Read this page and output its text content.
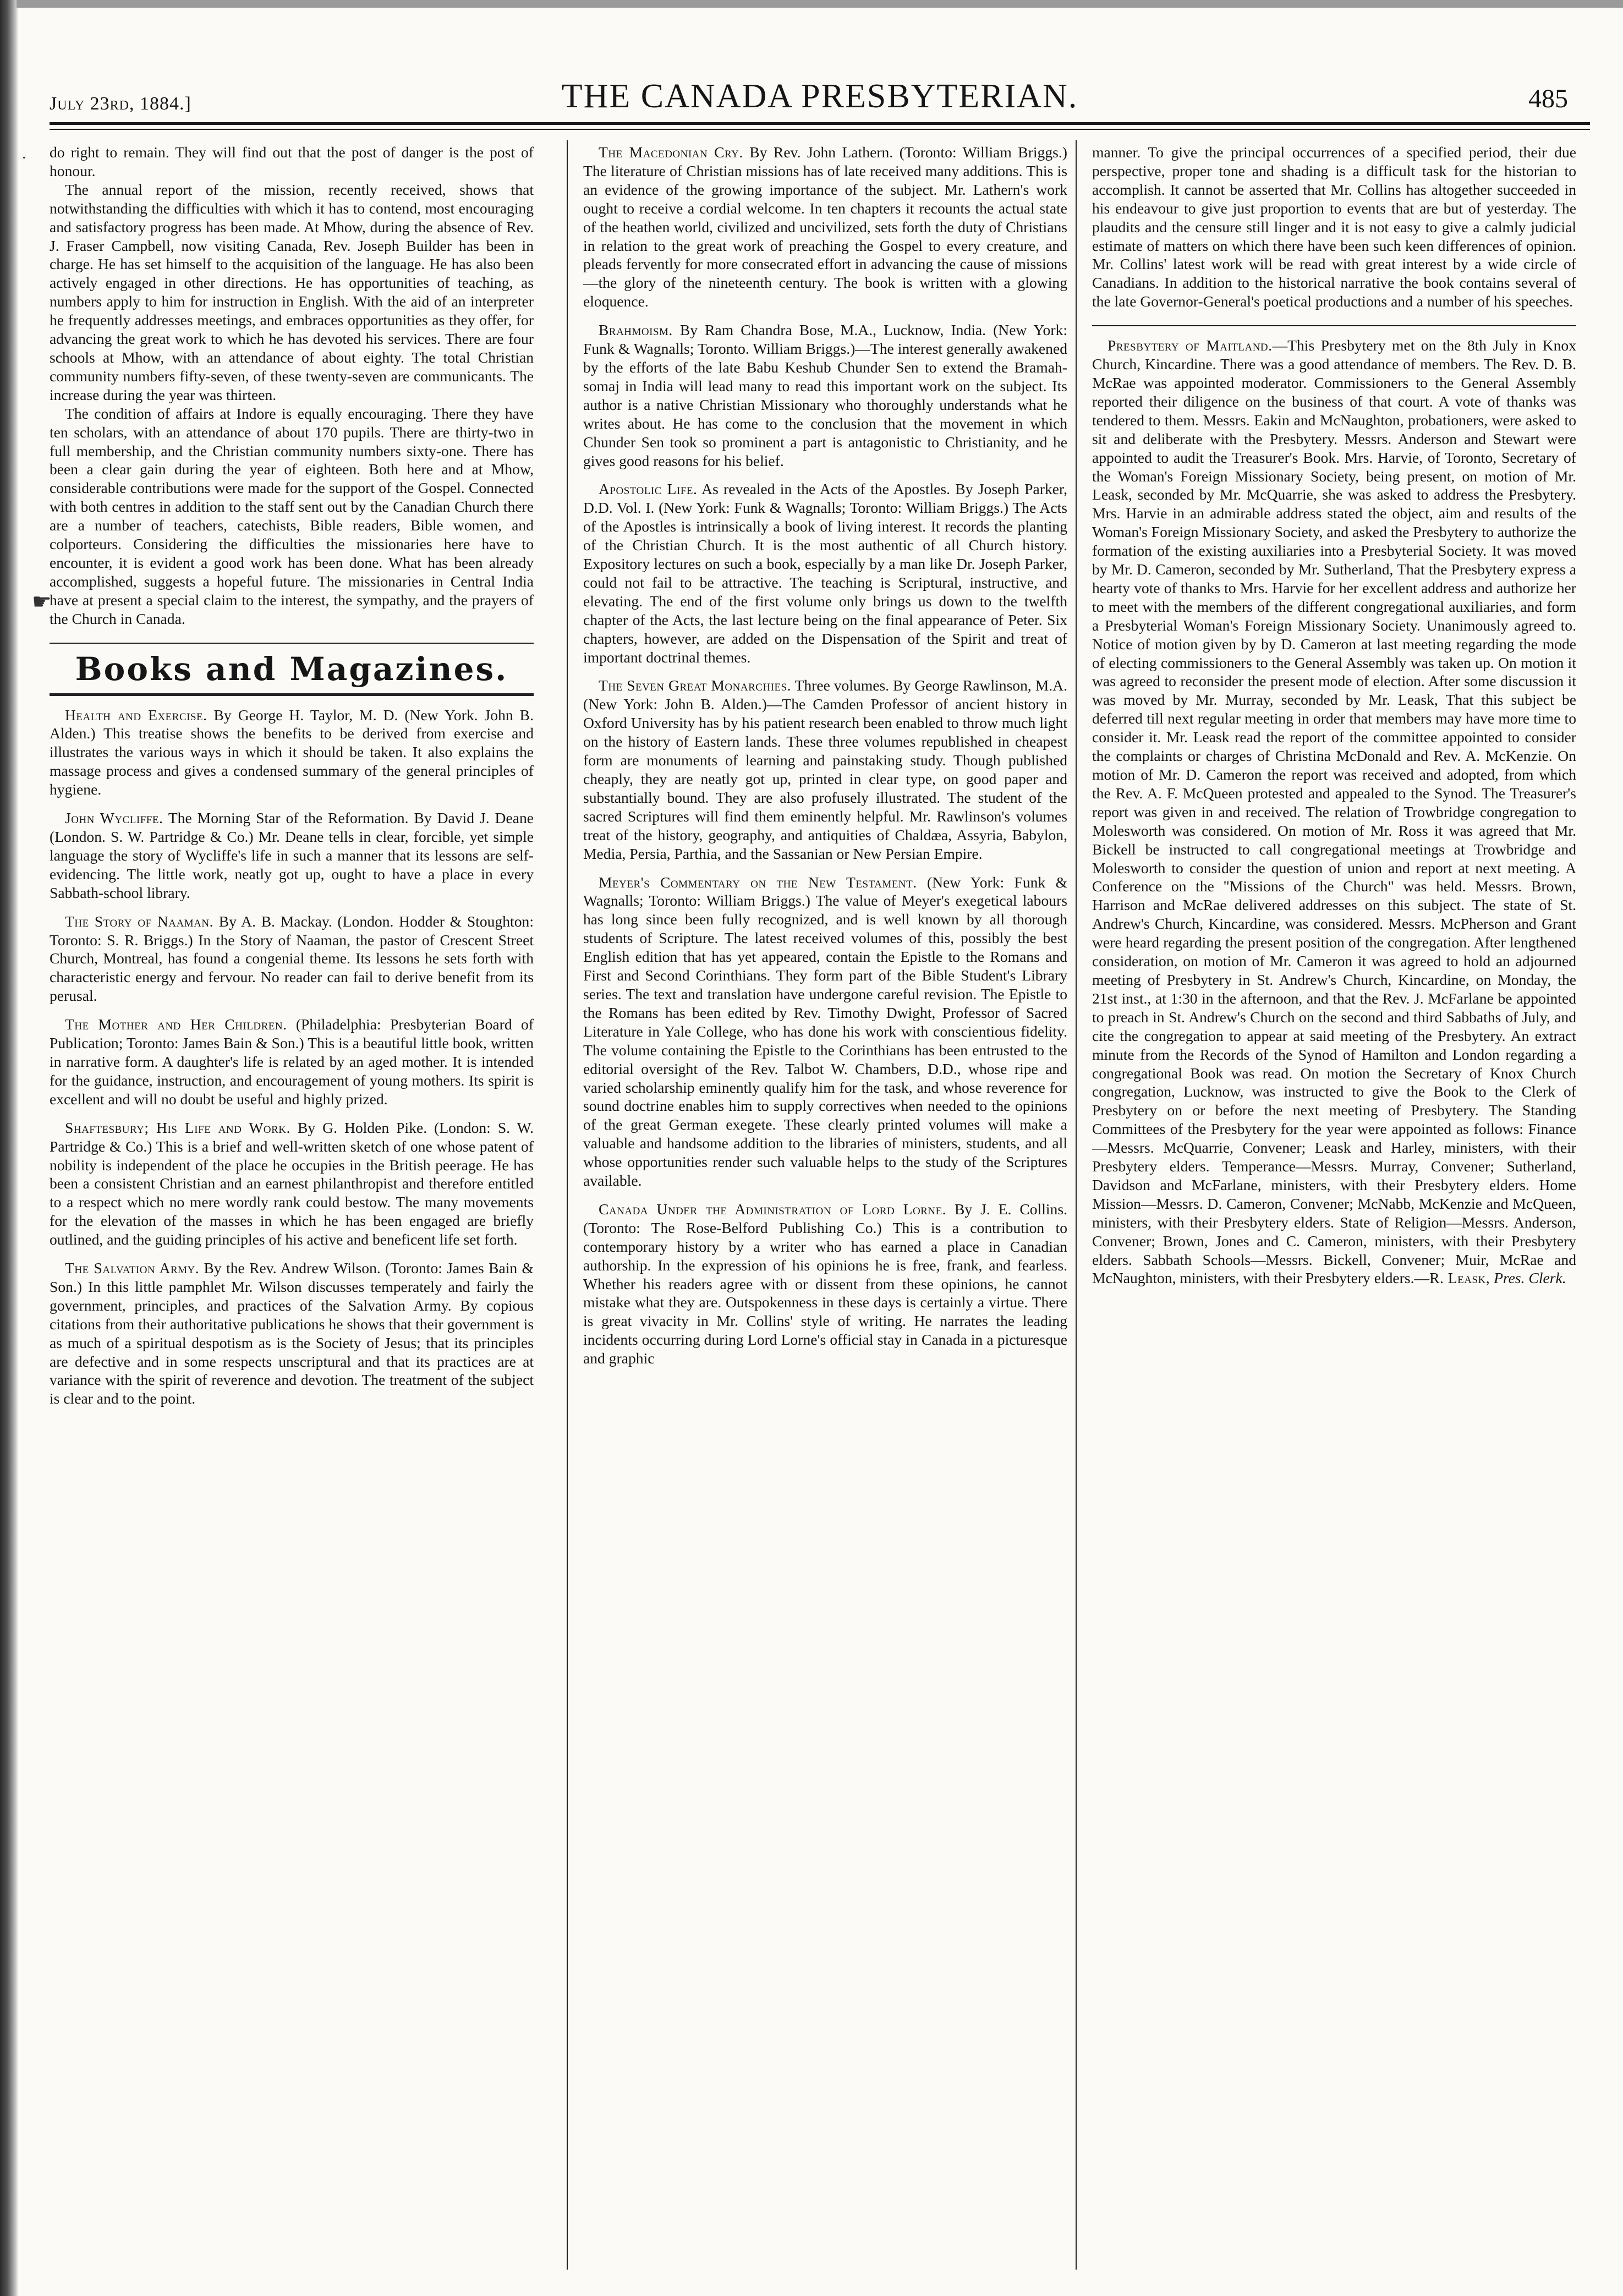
.
☛
July 23rd, 1884.]	THE CANADA PRESBYTERIAN.	485

do right to remain. They will find out that the post of danger is the post of honour.

The annual report of the mission, recently received, shows that notwithstanding the difficulties with which it has to contend, most encouraging and satisfactory progress has been made. At Mhow, during the absence of Rev. J. Fraser Campbell, now visiting Canada, Rev. Joseph Builder has been in charge. He has set himself to the acquisition of the language. He has also been actively engaged in other directions. He has opportunities of teaching, as numbers apply to him for instruction in English. With the aid of an interpreter he frequently addresses meetings, and embraces opportunities as they offer, for advancing the great work to which he has devoted his services. There are four schools at Mhow, with an attendance of about eighty. The total Christian community numbers fifty-seven, of these twenty-seven are communicants. The increase during the year was thirteen.

The condition of affairs at Indore is equally encouraging. There they have ten scholars, with an attendance of about 170 pupils. There are thirty-two in full membership, and the Christian community numbers sixty-one. There has been a clear gain during the year of eighteen. Both here and at Mhow, considerable contributions were made for the support of the Gospel. Connected with both centres in addition to the staff sent out by the Canadian Church there are a number of teachers, catechists, Bible readers, Bible women, and colporteurs. Considering the difficulties the missionaries here have to encounter, it is evident a good work has been done. What has been already accomplished, suggests a hopeful future. The missionaries in Central India have at present a special claim to the interest, the sympathy, and the prayers of the Church in Canada.

Books and Magazines.

Health and Exercise. By George H. Taylor, M. D. (New York. John B. Alden.) This treatise shows the benefits to be derived from exercise and illustrates the various ways in which it should be taken. It also explains the massage process and gives a condensed summary of the general principles of hygiene.

John Wycliffe. The Morning Star of the Reformation. By David J. Deane (London. S. W. Partridge & Co.) Mr. Deane tells in clear, forcible, yet simple language the story of Wycliffe's life in such a manner that its lessons are self-evidencing. The little work, neatly got up, ought to have a place in every Sabbath-school library.

The Story of Naaman. By A. B. Mackay. (London. Hodder & Stoughton: Toronto: S. R. Briggs.) In the Story of Naaman, the pastor of Crescent Street Church, Montreal, has found a congenial theme. Its lessons he sets forth with characteristic energy and fervour. No reader can fail to derive benefit from its perusal.

The Mother and Her Children. (Philadelphia: Presbyterian Board of Publication; Toronto: James Bain & Son.) This is a beautiful little book, written in narrative form. A daughter's life is related by an aged mother. It is intended for the guidance, instruction, and encouragement of young mothers. Its spirit is excellent and will no doubt be useful and highly prized.

Shaftesbury; His Life and Work. By G. Holden Pike. (London: S. W. Partridge & Co.) This is a brief and well-written sketch of one whose patent of nobility is independent of the place he occupies in the British peerage. He has been a consistent Christian and an earnest philanthropist and therefore entitled to a respect which no mere wordly rank could bestow. The many movements for the elevation of the masses in which he has been engaged are briefly outlined, and the guiding principles of his active and beneficent life set forth.

The Salvation Army. By the Rev. Andrew Wilson. (Toronto: James Bain & Son.) In this little pamphlet Mr. Wilson discusses temperately and fairly the government, principles, and practices of the Salvation Army. By copious citations from their authoritative publications he shows that their government is as much of a spiritual despotism as is the Society of Jesus; that its principles are defective and in some respects unscriptural and that its practices are at variance with the spirit of reverence and devotion. The treatment of the subject is clear and to the point.

The Macedonian Cry. By Rev. John Lathern. (Toronto: William Briggs.) The literature of Christian missions has of late received many additions. This is an evidence of the growing importance of the subject. Mr. Lathern's work ought to receive a cordial welcome. In ten chapters it recounts the actual state of the heathen world, civilized and uncivilized, sets forth the duty of Christians in relation to the great work of preaching the Gospel to every creature, and pleads fervently for more consecrated effort in advancing the cause of missions—the glory of the nineteenth century. The book is written with a glowing eloquence.

Brahmoism. By Ram Chandra Bose, M.A., Lucknow, India. (New York: Funk & Wagnalls; Toronto. William Briggs.)—The interest generally awakened by the efforts of the late Babu Keshub Chunder Sen to extend the Bramah-somaj in India will lead many to read this important work on the subject. Its author is a native Christian Missionary who thoroughly understands what he writes about. He has come to the conclusion that the movement in which Chunder Sen took so prominent a part is antagonistic to Christianity, and he gives good reasons for his belief.

Apostolic Life. As revealed in the Acts of the Apostles. By Joseph Parker, D.D. Vol. I. (New York: Funk & Wagnalls; Toronto: William Briggs.) The Acts of the Apostles is intrinsically a book of living interest. It records the planting of the Christian Church. It is the most authentic of all Church history. Expository lectures on such a book, especially by a man like Dr. Joseph Parker, could not fail to be attractive. The teaching is Scriptural, instructive, and elevating. The end of the first volume only brings us down to the twelfth chapter of the Acts, the last lecture being on the final appearance of Peter. Six chapters, however, are added on the Dispensation of the Spirit and treat of important doctrinal themes.

The Seven Great Monarchies. Three volumes. By George Rawlinson, M.A. (New York: John B. Alden.)—The Camden Professor of ancient history in Oxford University has by his patient research been enabled to throw much light on the history of Eastern lands. These three volumes republished in cheapest form are monuments of learning and painstaking study. Though published cheaply, they are neatly got up, printed in clear type, on good paper and substantially bound. They are also profusely illustrated. The student of the sacred Scriptures will find them eminently helpful. Mr. Rawlinson's volumes treat of the history, geography, and antiquities of Chaldæa, Assyria, Babylon, Media, Persia, Parthia, and the Sassanian or New Persian Empire.

Meyer's Commentary on the New Testament. (New York: Funk & Wagnalls; Toronto: William Briggs.) The value of Meyer's exegetical labours has long since been fully recognized, and is well known by all thorough students of Scripture. The latest received volumes of this, possibly the best English edition that has yet appeared, contain the Epistle to the Romans and First and Second Corinthians. They form part of the Bible Student's Library series. The text and translation have undergone careful revision. The Epistle to the Romans has been edited by Rev. Timothy Dwight, Professor of Sacred Literature in Yale College, who has done his work with conscientious fidelity. The volume containing the Epistle to the Corinthians has been entrusted to the editorial oversight of the Rev. Talbot W. Chambers, D.D., whose ripe and varied scholarship eminently qualify him for the task, and whose reverence for sound doctrine enables him to supply correctives when needed to the opinions of the great German exegete. These clearly printed volumes will make a valuable and handsome addition to the libraries of ministers, students, and all whose opportunities render such valuable helps to the study of the Scriptures available.

Canada Under the Administration of Lord Lorne. By J. E. Collins. (Toronto: The Rose-Belford Publishing Co.) This is a contribution to contemporary history by a writer who has earned a place in Canadian authorship. In the expression of his opinions he is free, frank, and fearless. Whether his readers agree with or dissent from these opinions, he cannot mistake what they are. Outspokenness in these days is certainly a virtue. There is great vivacity in Mr. Collins' style of writing. He narrates the leading incidents occurring during Lord Lorne's official stay in Canada in a picturesque and graphic

manner. To give the principal occurrences of a specified period, their due perspective, proper tone and shading is a difficult task for the historian to accomplish. It cannot be asserted that Mr. Collins has altogether succeeded in his endeavour to give just proportion to events that are but of yesterday. The plaudits and the censure still linger and it is not easy to give a calmly judicial estimate of matters on which there have been such keen differences of opinion. Mr. Collins' latest work will be read with great interest by a wide circle of Canadians. In addition to the historical narrative the book contains several of the late Governor-General's poetical productions and a number of his speeches.

Presbytery of Maitland.—This Presbytery met on the 8th July in Knox Church, Kincardine. There was a good attendance of members. The Rev. D. B. McRae was appointed moderator. Commissioners to the General Assembly reported their diligence on the business of that court. A vote of thanks was tendered to them. Messrs. Eakin and McNaughton, probationers, were asked to sit and deliberate with the Presbytery. Messrs. Anderson and Stewart were appointed to audit the Treasurer's Book. Mrs. Harvie, of Toronto, Secretary of the Woman's Foreign Missionary Society, being present, on motion of Mr. Leask, seconded by Mr. McQuarrie, she was asked to address the Presbytery. Mrs. Harvie in an admirable address stated the object, aim and results of the Woman's Foreign Missionary Society, and asked the Presbytery to authorize the formation of the existing auxiliaries into a Presbyterial Society. It was moved by Mr. D. Cameron, seconded by Mr. Sutherland, That the Presbytery express a hearty vote of thanks to Mrs. Harvie for her excellent address and authorize her to meet with the members of the different congregational auxiliaries, and form a Presbyterial Woman's Foreign Missionary Society. Unanimously agreed to. Notice of motion given by by D. Cameron at last meeting regarding the mode of electing commissioners to the General Assembly was taken up. On motion it was agreed to reconsider the present mode of election. After some discussion it was moved by Mr. Murray, seconded by Mr. Leask, That this subject be deferred till next regular meeting in order that members may have more time to consider it. Mr. Leask read the report of the committee appointed to consider the complaints or charges of Christina McDonald and Rev. A. McKenzie. On motion of Mr. D. Cameron the report was received and adopted, from which the Rev. A. F. McQueen protested and appealed to the Synod. The Treasurer's report was given in and received. The relation of Trowbridge congregation to Molesworth was considered. On motion of Mr. Ross it was agreed that Mr. Bickell be instructed to call congregational meetings at Trowbridge and Molesworth to consider the question of union and report at next meeting. A Conference on the "Missions of the Church" was held. Messrs. Brown, Harrison and McRae delivered addresses on this subject. The state of St. Andrew's Church, Kincardine, was considered. Messrs. McPherson and Grant were heard regarding the present position of the congregation. After lengthened consideration, on motion of Mr. Cameron it was agreed to hold an adjourned meeting of Presbytery in St. Andrew's Church, Kincardine, on Monday, the 21st inst., at 1:30 in the afternoon, and that the Rev. J. McFarlane be appointed to preach in St. Andrew's Church on the second and third Sabbaths of July, and cite the congregation to appear at said meeting of the Presbytery. An extract minute from the Records of the Synod of Hamilton and London regarding a congregational Book was read. On motion the Secretary of Knox Church congregation, Lucknow, was instructed to give the Book to the Clerk of Presbytery on or before the next meeting of Presbytery. The Standing Committees of the Presbytery for the year were appointed as follows: Finance—Messrs. McQuarrie, Convener; Leask and Harley, ministers, with their Presbytery elders. Temperance—Messrs. Murray, Convener; Sutherland, Davidson and McFarlane, ministers, with their Presbytery elders. Home Mission—Messrs. D. Cameron, Convener; McNabb, McKenzie and McQueen, ministers, with their Presbytery elders. State of Religion—Messrs. Anderson, Convener; Brown, Jones and C. Cameron, ministers, with their Presbytery elders. Sabbath Schools—Messrs. Bickell, Convener; Muir, McRae and McNaughton, ministers, with their Presbytery elders.—R. Leask, Pres. Clerk.
